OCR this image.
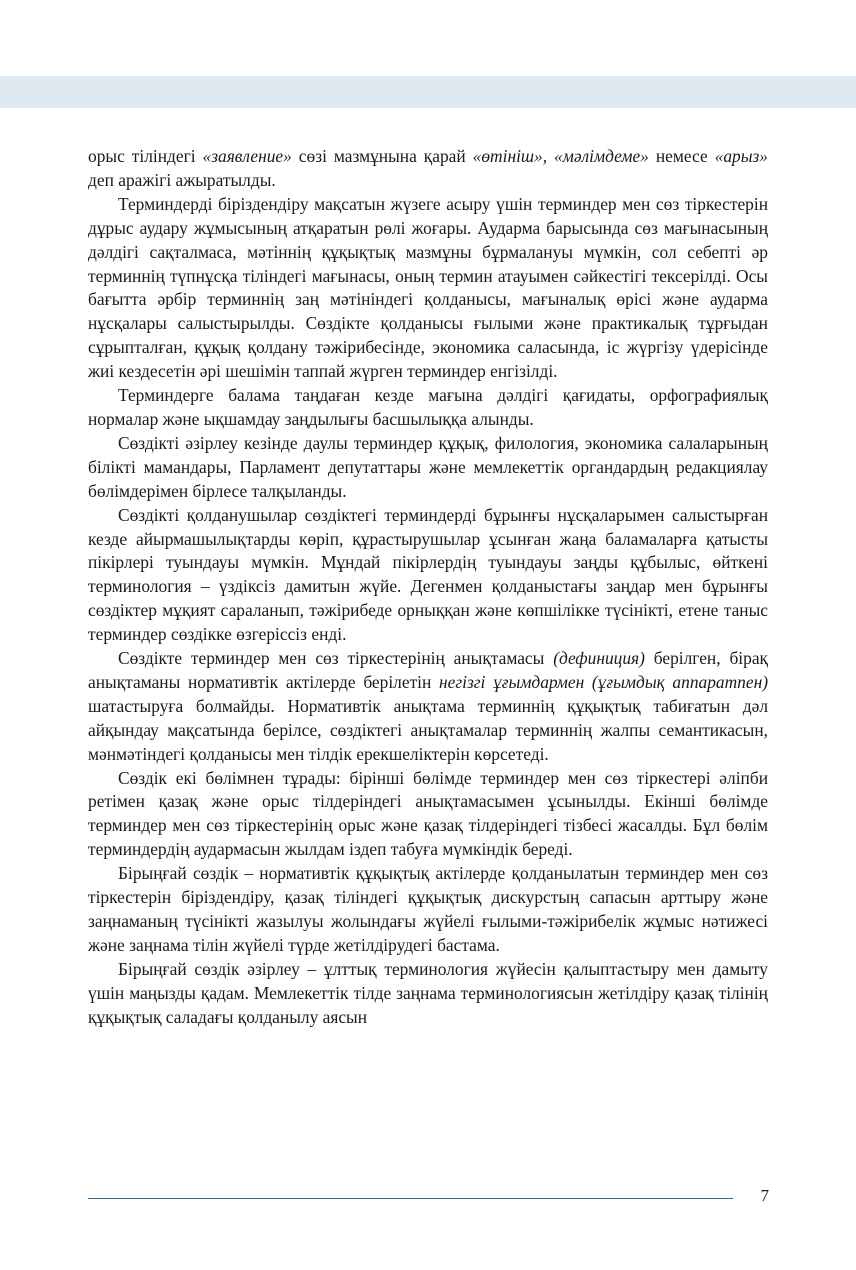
орыс тіліндегі «заявление» сөзі мазмұнына қарай «өтініш», «мәлімдеме» немесе «арыз» деп аражігі ажыратылды.

Терминдерді біріздендіру мақсатын жүзеге асыру үшін терминдер мен сөз тіркестерін дұрыс аудару жұмысының атқаратын рөлі жоғары. Аударма барысында сөз мағынасының дәлдігі сақталмаса, мәтіннің құқықтық мазмұны бұрмалануы мүмкін, сол себепті әр терминнің түпнұсқа тіліндегі мағынасы, оның термин атауымен сәйкестігі тексерілді. Осы бағытта әрбір терминнің заң мәтініндегі қолданысы, мағыналық өрісі және аударма нұсқалары салыстырылды. Сөздікте қолданысы ғылыми және практикалық тұрғыдан сұрыпталған, құқық қолдану тәжірибесінде, экономика саласында, іс жүргізу үдерісінде жиі кездесетін әрі шешімін таппай жүрген терминдер енгізілді.

Терминдерге балама таңдаған кезде мағына дәлдігі қағидаты, орфографиялық нормалар және ықшамдау заңдылығы басшылыққа алынды.

Сөздікті әзірлеу кезінде даулы терминдер құқық, филология, экономика салаларының білікті мамандары, Парламент депутаттары және мемлекеттік органдардың редакциялау бөлімдерімен бірлесе талқыланды.

Сөздікті қолданушылар сөздіктегі терминдерді бұрынғы нұсқаларымен салыстырған кезде айырмашылықтарды көріп, құрастырушылар ұсынған жаңа баламаларға қатысты пікірлері туындауы мүмкін. Мұндай пікірлердің туындауы заңды құбылыс, өйткені терминология – үздіксіз дамитын жүйе. Дегенмен қолданыстағы заңдар мен бұрынғы сөздіктер мұқият сараланып, тәжірибеде орныққан және көпшілікке түсінікті, етене таныс терминдер сөздікке өзгеріссіз енді.

Сөздікте терминдер мен сөз тіркестерінің анықтамасы (дефиниция) берілген, бірақ анықтаманы нормативтік актілерде берілетін негізгі ұғымдармен (ұғымдық аппаратпен) шатастыруға болмайды. Нормативтік анықтама терминнің құқықтық табиғатын дәл айқындау мақсатында берілсе, сөздіктегі анықтамалар терминнің жалпы семантикасын, мәнмәтіндегі қолданысы мен тілдік ерекшеліктерін көрсетеді.

Сөздік екі бөлімнен тұрады: бірінші бөлімде терминдер мен сөз тіркестері әліпби ретімен қазақ және орыс тілдеріндегі анықтамасымен ұсынылды. Екінші бөлімде терминдер мен сөз тіркестерінің орыс және қазақ тілдеріндегі тізбесі жасалды. Бұл бөлім терминдердің аудармасын жылдам іздеп табуға мүмкіндік береді.

Бірыңғай сөздік – нормативтік құқықтық актілерде қолданылатын терминдер мен сөз тіркестерін біріздендіру, қазақ тіліндегі құқықтық дискурстың сапасын арттыру және заңнаманың түсінікті жазылуы жолындағы жүйелі ғылыми-тәжірибелік жұмыс нәтижесі және заңнама тілін жүйелі түрде жетілдірудегі бастама.

Бірыңғай сөздік әзірлеу – ұлттық терминология жүйесін қалыптастыру мен дамыту үшін маңызды қадам. Мемлекеттік тілде заңнама терминологиясын жетілдіру қазақ тілінің құқықтық саладағы қолданылу аясын

7
